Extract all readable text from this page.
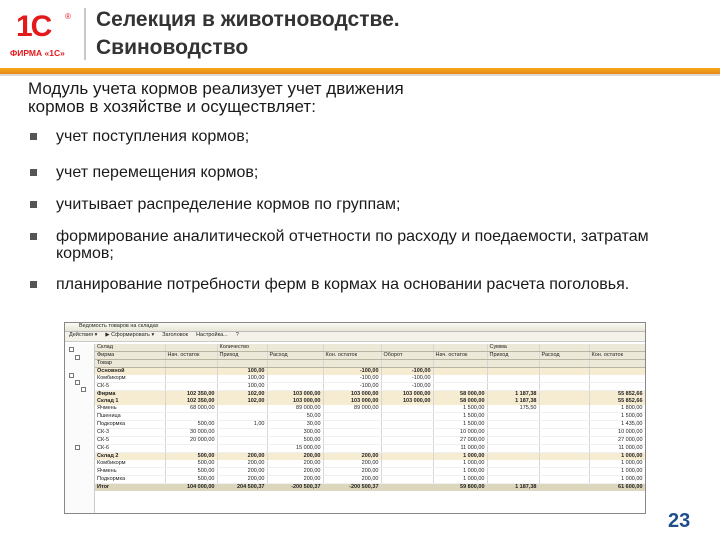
1С ®
ФИРМА «1С»
Селекция в животноводстве.
Свиноводство
Модуль учета кормов реализует учет движения
кормов в хозяйстве и осуществляет:
учет поступления кормов;
учет перемещения кормов;
учитывает распределение кормов по группам;
формирование аналитической отчетности по расходу и поедаемости, затратам кормов;
планирование потребности ферм в кормах на основании расчета поголовья.
Ведомость товаров на складах
Действия ▾ ▶ Сформировать ▾ Заголовок Настройка... ?
Склад		Количество					Сумма		
Фирма	Нач. остаток	Приход	Расход	Кон. остаток	Оборот	Нач. остаток	Приход	Расход	Кон. остаток
Товар									
Основной		100,00		-100,00	-100,00				
Комбикорм		100,00		-100,00	-100,00				
СК-5		100,00		-100,00	-100,00				
Фирма	102 350,00	102,00	103 000,00	103 000,00	103 000,00	58 000,00	1 187,38		55 852,66
Склад 1	102 350,00	102,00	103 000,00	103 000,00	103 000,00	58 000,00	1 187,38		55 852,66
Ячмень	68 000,00		89 000,00	89 000,00		1 500,00	175,50		1 800,00
Пшеница			50,00			1 500,00			1 500,00
Подкормка	500,00	1,00	30,00			1 500,00			1 435,00
СК-3	30 000,00		300,00			10 000,00			10 000,00
СК-5	20 000,00		500,00			27 000,00			27 000,00
СК-6			15 000,00			11 000,00			11 000,00
Склад 2	500,00	200,00	200,00	200,00		1 000,00			1 000,00
Комбикорм	500,00	200,00	200,00	200,00		1 000,00			1 000,00
Ячмень	500,00	200,00	200,00	200,00		1 000,00			1 000,00
Подкормка	500,00	200,00	200,00	200,00		1 000,00			1 000,00
Итог	104 000,00	204 500,37	-200 500,37	-200 500,37		59 800,00	1 187,38		61 600,00
23
